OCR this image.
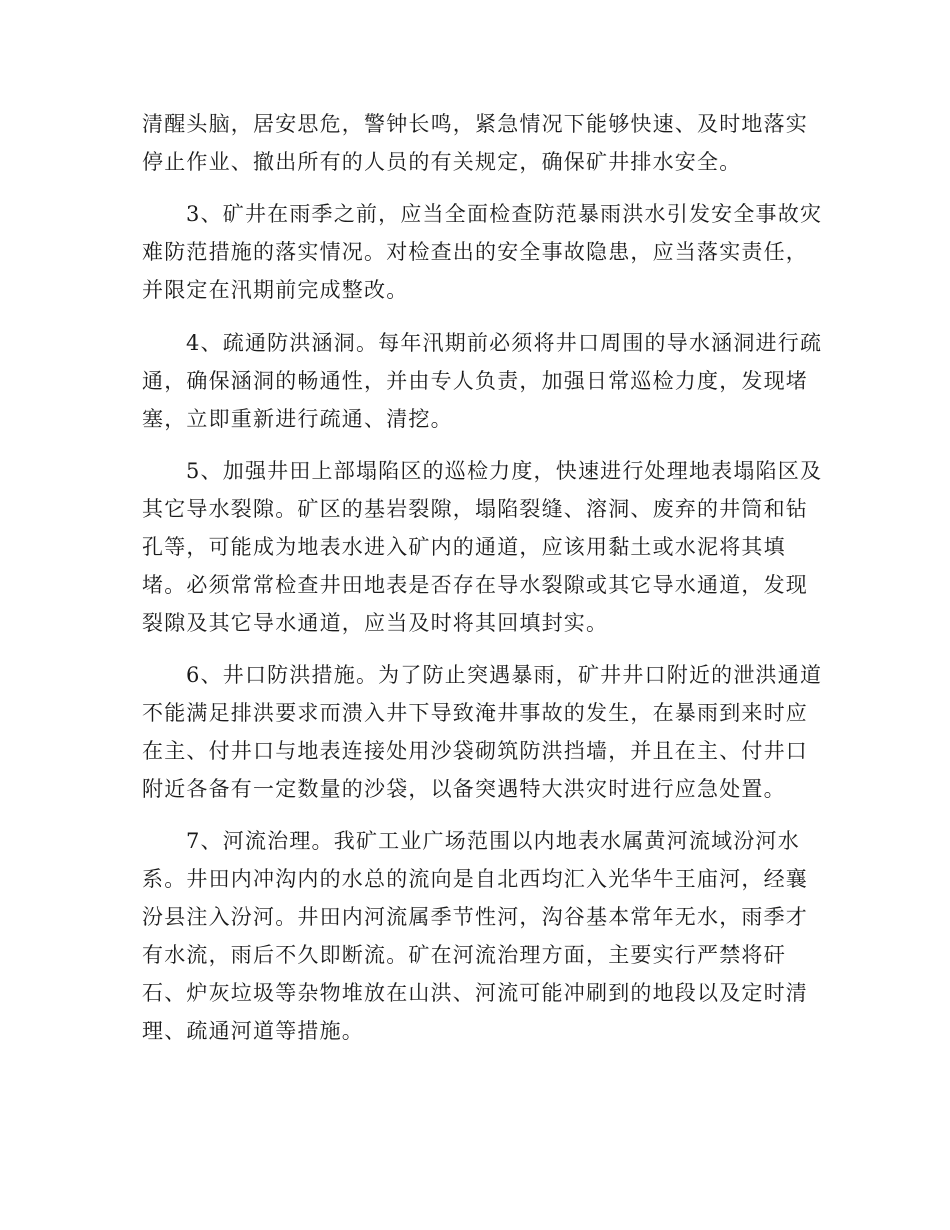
清醒头脑，居安思危，警钟长鸣，紧急情况下能够快速、及时地落实
停止作业、撤出所有的人员的有关规定，确保矿井排水安全。
3、矿井在雨季之前，应当全面检查防范暴雨洪水引发安全事故灾
难防范措施的落实情况。对检查出的安全事故隐患，应当落实责任，
并限定在汛期前完成整改。
4、疏通防洪涵洞。每年汛期前必须将井口周围的导水涵洞进行疏
通，确保涵洞的畅通性，并由专人负责，加强日常巡检力度，发现堵
塞，立即重新进行疏通、清挖。
5、加强井田上部塌陷区的巡检力度，快速进行处理地表塌陷区及
其它导水裂隙。矿区的基岩裂隙，塌陷裂缝、溶洞、废弃的井筒和钻
孔等，可能成为地表水进入矿内的通道，应该用黏土或水泥将其填
堵。必须常常检查井田地表是否存在导水裂隙或其它导水通道，发现
裂隙及其它导水通道，应当及时将其回填封实。
6、井口防洪措施。为了防止突遇暴雨，矿井井口附近的泄洪通道
不能满足排洪要求而溃入井下导致淹井事故的发生，在暴雨到来时应
在主、付井口与地表连接处用沙袋砌筑防洪挡墙，并且在主、付井口
附近各备有一定数量的沙袋，以备突遇特大洪灾时进行应急处置。
7、河流治理。我矿工业广场范围以内地表水属黄河流域汾河水
系。井田内冲沟内的水总的流向是自北西均汇入光华牛王庙河，经襄
汾县注入汾河。井田内河流属季节性河，沟谷基本常年无水，雨季才
有水流，雨后不久即断流。矿在河流治理方面，主要实行严禁将矸
石、炉灰垃圾等杂物堆放在山洪、河流可能冲刷到的地段以及定时清
理、疏通河道等措施。
